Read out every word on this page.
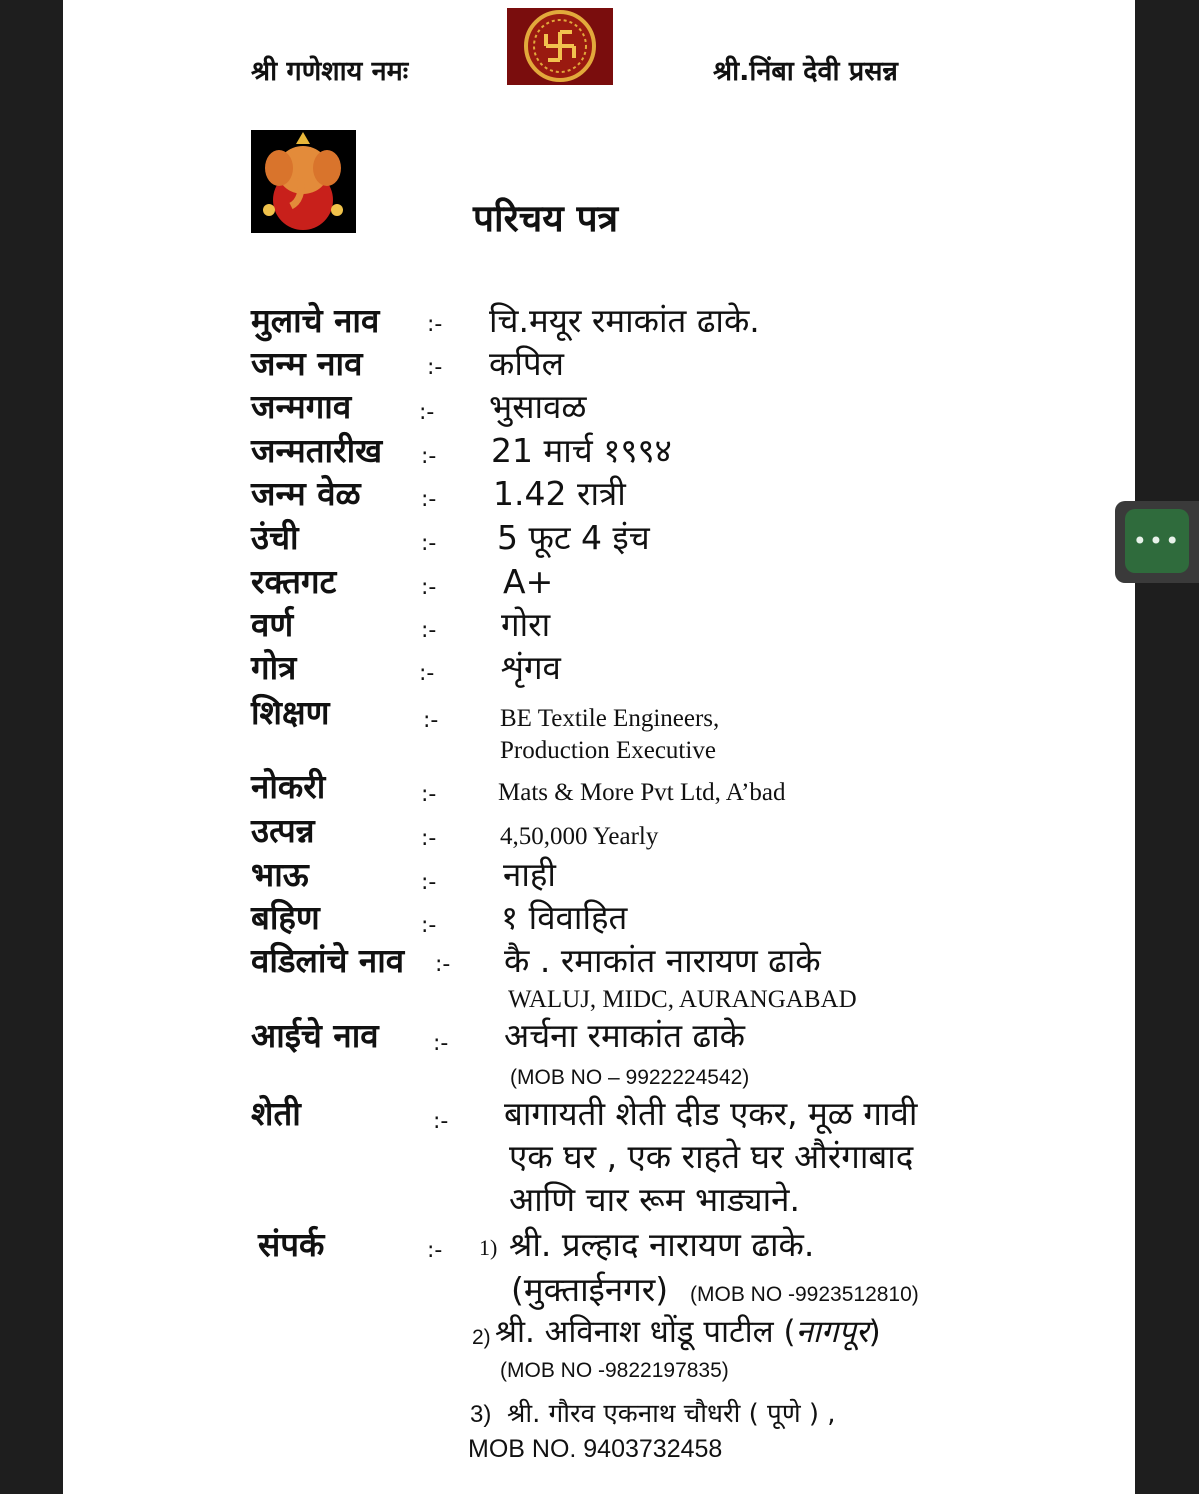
श्री गणेशाय नमः	श्री.निंबा देवी प्रसन्न
परिचय पत्र
मुलाचे नाव :- चि.मयूर रमाकांत ढाके.
जन्म नाव	:- कपिल
जन्मगाव	:- भुसावळ
जन्मतारीख :- 21 मार्च १९९४
जन्म वेळ	:- 1.42 रात्री
उंची	:- 5 फूट 4 इंच
रक्तगट	:- A+
वर्ण	:- गोरा
गोत्र	:- शृंगव
शिक्षण	:- BE Textile Engineers,
Production Executive
नोकरी	:- Mats & More Pvt Ltd, A’bad
उत्पन्न	:-	4,50,000 Yearly
भाऊ	:- नाही
बहिण	:- १ विवाहित
वडिलांचे नाव :- कै . रमाकांत नारायण ढाके
WALUJ, MIDC, AURANGABAD
आईचे नाव :- अर्चना रमाकांत ढाके
(MOB NO – 9922224542)
शेती	:- बागायती शेती दीड एकर, मूळ गावी
एक घर , एक राहते घर औरंगाबाद
आणि चार रूम भाड्याने.
संपर्क	:- 1) श्री. प्रल्हाद नारायण ढाके.
(मुक्ताईनगर) (MOB NO -9923512810)
2) श्री. अविनाश धोंडू पाटील (नागपूर)
(MOB NO -9822197835)
3) श्री. गौरव एकनाथ चौधरी ( पूणे ) ,
MOB NO. 9403732458
•••
